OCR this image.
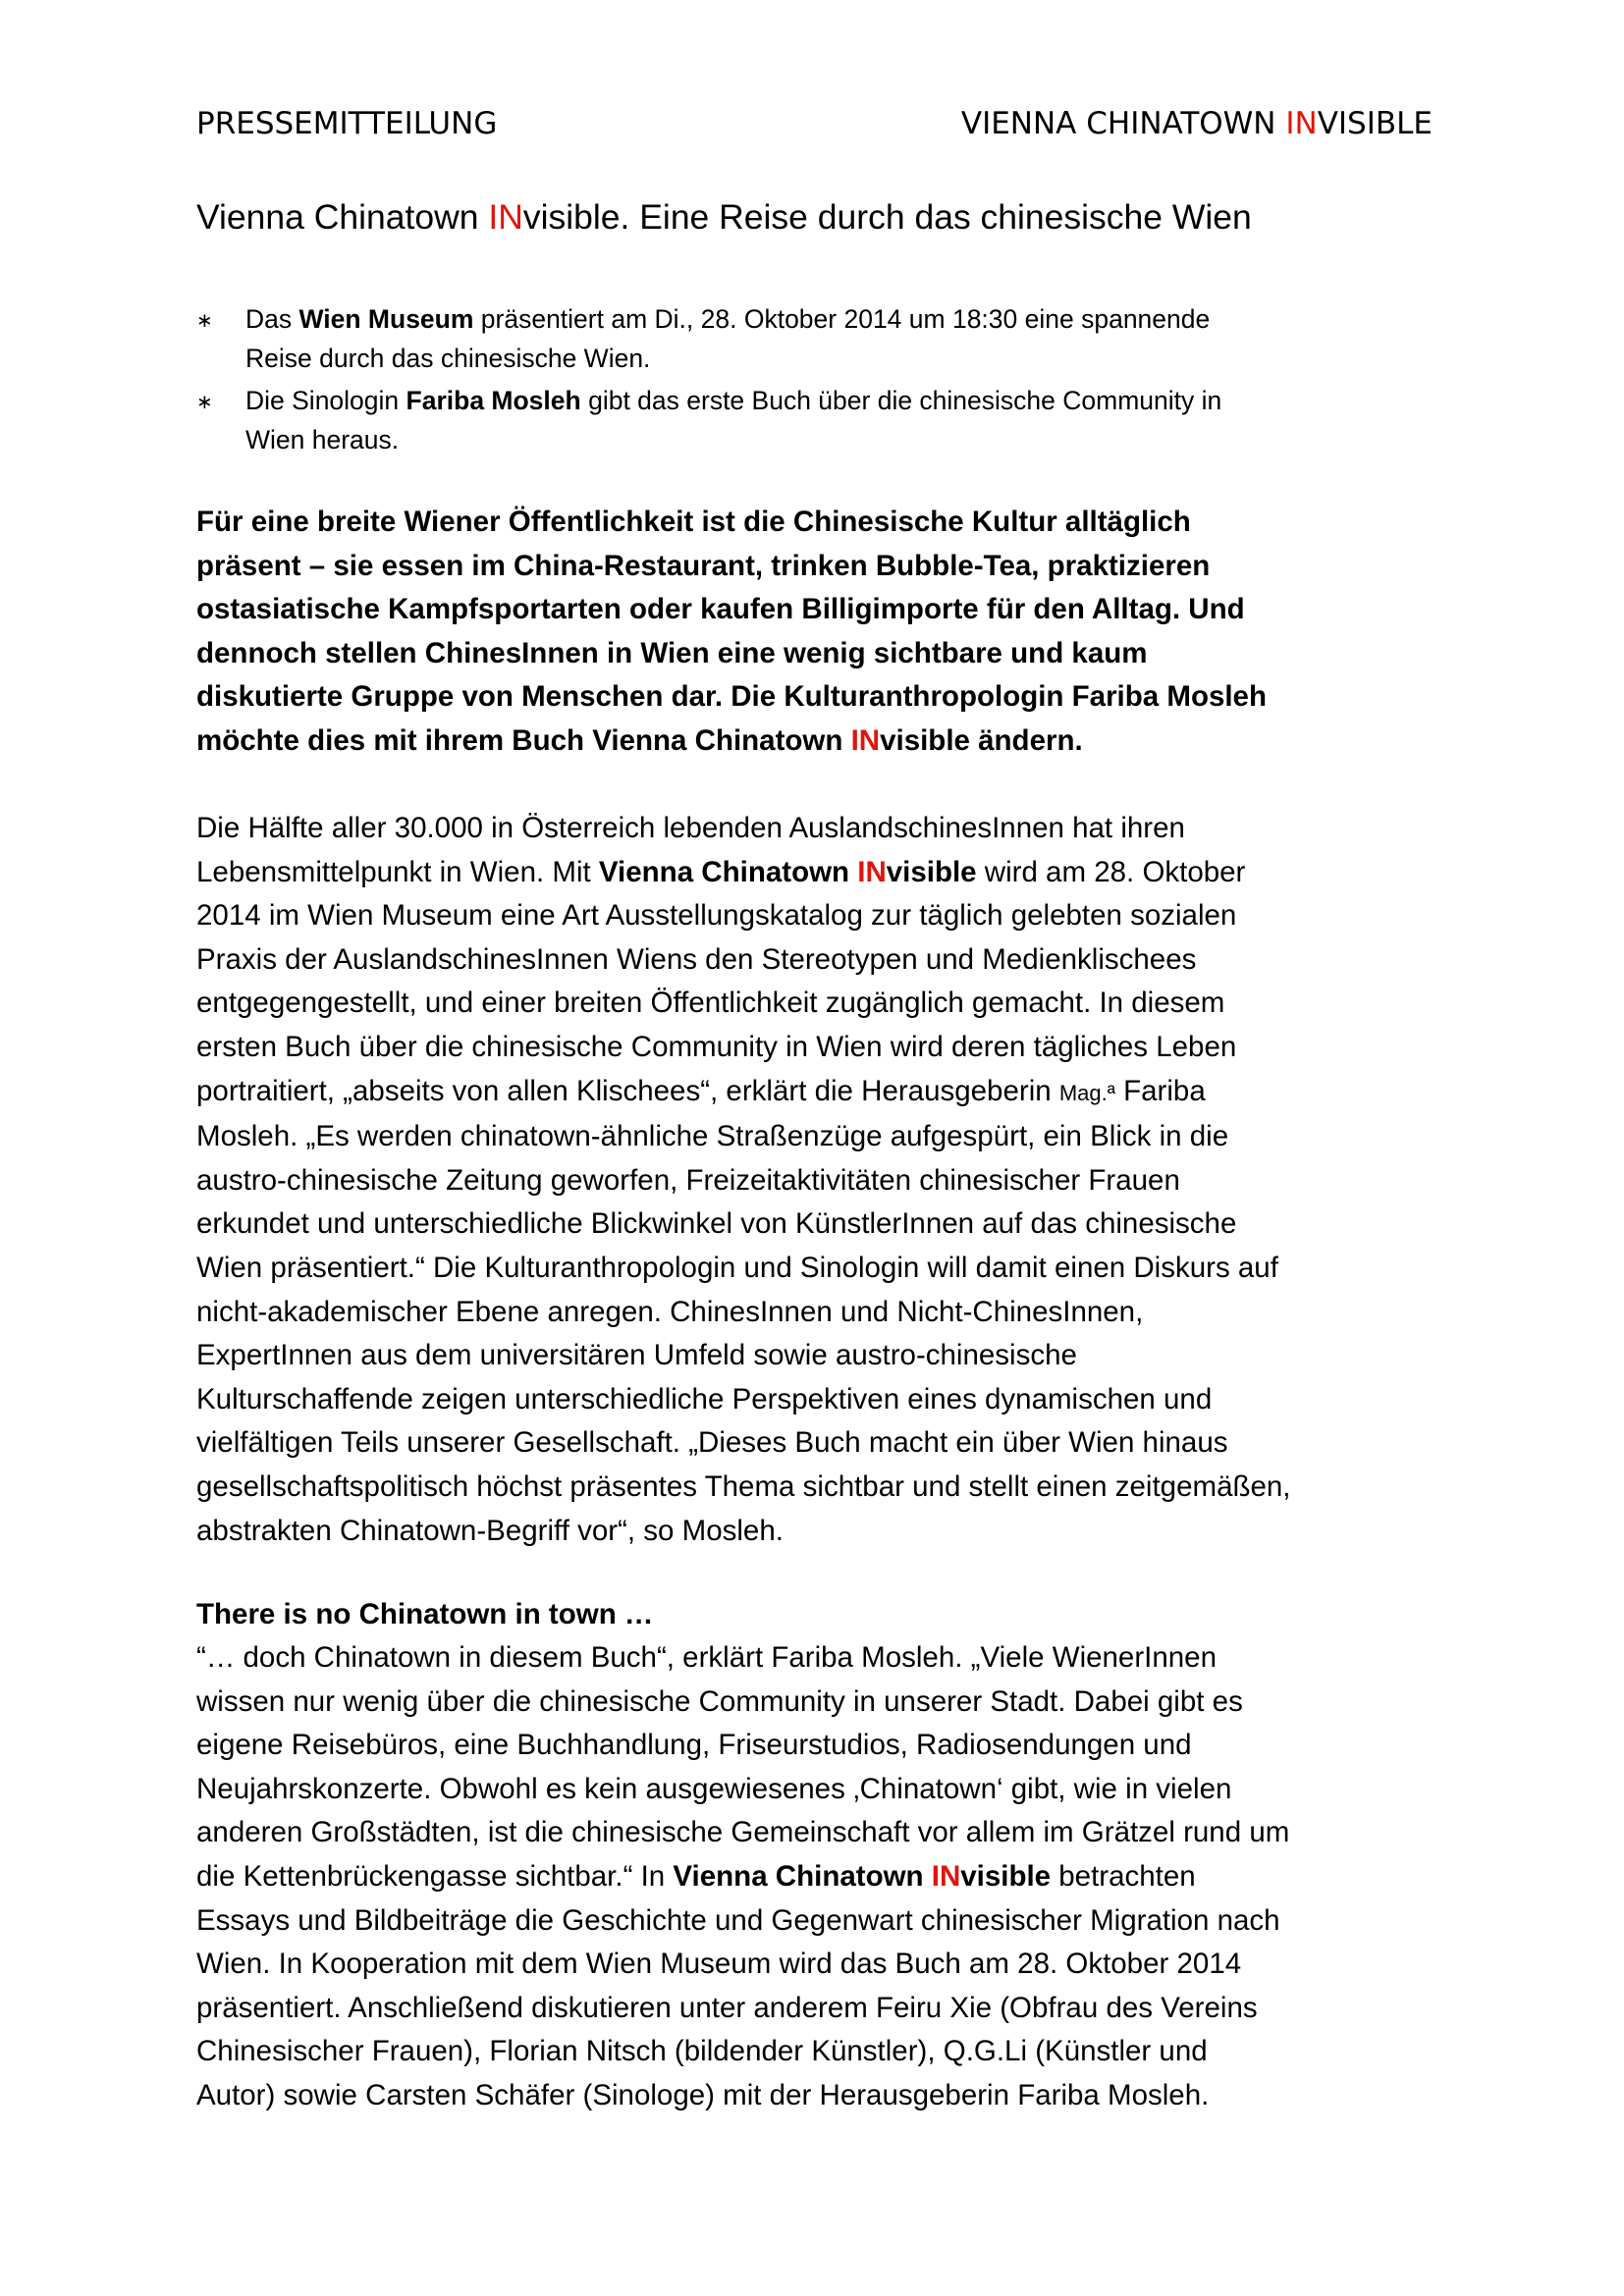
PRESSEMITTEILUNG	VIENNA CHINATOWN INVISIBLE
Vienna Chinatown INvisible. Eine Reise durch das chinesische Wien
∗ Das Wien Museum präsentiert am Di., 28. Oktober 2014 um 18:30 eine spannende
Reise durch das chinesische Wien.
∗ Die Sinologin Fariba Mosleh gibt das erste Buch über die chinesische Community in
Wien heraus.
Für eine breite Wiener Öffentlichkeit ist die Chinesische Kultur alltäglich
präsent – sie essen im China-Restaurant, trinken Bubble-Tea, praktizieren
ostasiatische Kampfsportarten oder kaufen Billigimporte für den Alltag. Und
dennoch stellen ChinesInnen in Wien eine wenig sichtbare und kaum
diskutierte Gruppe von Menschen dar. Die Kulturanthropologin Fariba Mosleh
möchte dies mit ihrem Buch Vienna Chinatown INvisible ändern.
Die Hälfte aller 30.000 in Österreich lebenden AuslandschinesInnen hat ihren
Lebensmittelpunkt in Wien. Mit Vienna Chinatown INvisible wird am 28. Oktober
2014 im Wien Museum eine Art Ausstellungskatalog zur täglich gelebten sozialen
Praxis der AuslandschinesInnen Wiens den Stereotypen und Medienklischees
entgegengestellt, und einer breiten Öffentlichkeit zugänglich gemacht. In diesem
ersten Buch über die chinesische Community in Wien wird deren tägliches Leben
portraitiert, „abseits von allen Klischees“, erklärt die Herausgeberin Mag.ª Fariba
Mosleh. „Es werden chinatown-ähnliche Straßenzüge aufgespürt, ein Blick in die
austro-chinesische Zeitung geworfen, Freizeitaktivitäten chinesischer Frauen
erkundet und unterschiedliche Blickwinkel von KünstlerInnen auf das chinesische
Wien präsentiert.“ Die Kulturanthropologin und Sinologin will damit einen Diskurs auf
nicht-akademischer Ebene anregen. ChinesInnen und Nicht-ChinesInnen,
ExpertInnen aus dem universitären Umfeld sowie austro-chinesische
Kulturschaffende zeigen unterschiedliche Perspektiven eines dynamischen und
vielfältigen Teils unserer Gesellschaft. „Dieses Buch macht ein über Wien hinaus
gesellschaftspolitisch höchst präsentes Thema sichtbar und stellt einen zeitgemäßen,
abstrakten Chinatown-Begriff vor“, so Mosleh.
There is no Chinatown in town …
“… doch Chinatown in diesem Buch“, erklärt Fariba Mosleh. „Viele WienerInnen
wissen nur wenig über die chinesische Community in unserer Stadt. Dabei gibt es
eigene Reisebüros, eine Buchhandlung, Friseurstudios, Radiosendungen und
Neujahrskonzerte. Obwohl es kein ausgewiesenes ‚Chinatown‘ gibt, wie in vielen
anderen Großstädten, ist die chinesische Gemeinschaft vor allem im Grätzel rund um
die Kettenbrückengasse sichtbar.“ In Vienna Chinatown INvisible betrachten
Essays und Bildbeiträge die Geschichte und Gegenwart chinesischer Migration nach
Wien. In Kooperation mit dem Wien Museum wird das Buch am 28. Oktober 2014
präsentiert. Anschließend diskutieren unter anderem Feiru Xie (Obfrau des Vereins
Chinesischer Frauen), Florian Nitsch (bildender Künstler), Q.G.Li (Künstler und
Autor) sowie Carsten Schäfer (Sinologe) mit der Herausgeberin Fariba Mosleh.
